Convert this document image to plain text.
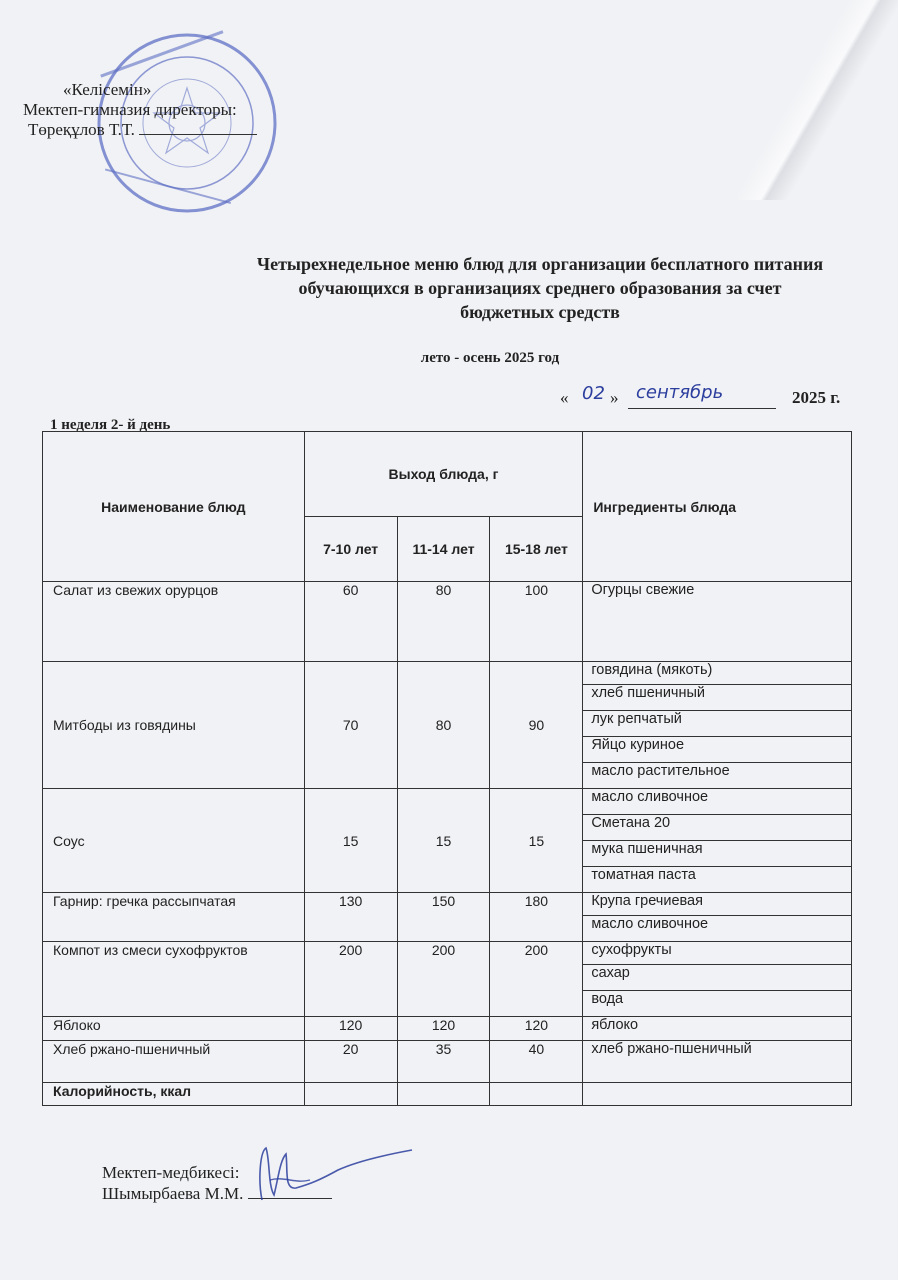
«Келісемін»
Мектеп-гимназия директоры:
Төреқұлов Т.Т.
Четырехнедельное меню блюд для организации бесплатного питания
обучающихся в организациях среднего образования за счет
бюджетных средств
лето - осень 2025 год
« 02 » сентябрь	2025 г.
1 неделя 2- й день
Наименование блюд	Выход блюда, г			Ингредиенты блюда
	7-10 лет	11-14 лет	15-18 лет	
Салат из свежих орурцов	60	80	100	Огурцы свежие
Митбоды из говядины	70	80	90	говядина (мякоть)
				хлеб пшеничный
				лук репчатый
				Яйцо куриное
				масло растительное
Соус	15	15	15	масло сливочное
				Сметана 20
				мука пшеничная
				томатная паста
Гарнир: гречка рассыпчатая	130	150	180	Крупа гречиевая
				масло сливочное
Компот из смеси сухофруктов	200	200	200	сухофрукты
				сахар
				вода
Яблоко	120	120	120	яблоко
Хлеб ржано-пшеничный	20	35	40	хлеб ржано-пшеничный
Калорийность, ккал				
Мектеп-медбикесі:
Шымырбаева М.М.
